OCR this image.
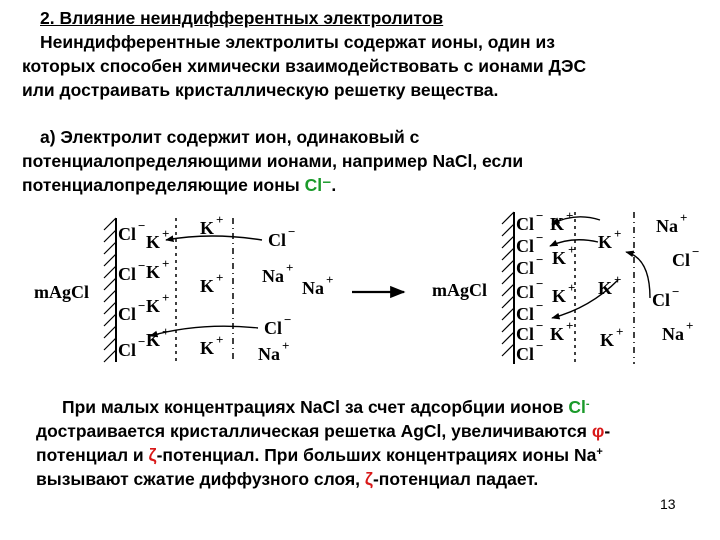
2. Влияние неиндифферентных электролитов
Неиндифферентные электролиты содержат ионы, один из
которых способен химически взаимодействовать с ионами ДЭС
или достраивать кристаллическую решетку вещества.
а) Электролит содержит ион, одинаковый с
потенциалопределяющими ионами, например NaCl, если
потенциалопределяющие ионы Cl⁻.
mAgCl
Cl −
Cl −
Cl −
Cl −
K +
K +
K +
K +
K +
K +
K +
Cl −
Na +
Na +
Cl −
Na +
mAgCl
Cl −
Cl −
Cl −
Cl −
Cl −
Cl −
Cl −
K +
K +
K +
K +
K +
K +
K +
Na +
Cl −
Cl −
Na +
При малых концентрациях NaCl за счет адсорбции ионов Cl-
достраивается кристаллическая решетка AgCl, увеличиваются φ-
потенциал и ζ-потенциал. При больших концентрациях ионы Na+
вызывают сжатие диффузного слоя, ζ-потенциал падает.
13
